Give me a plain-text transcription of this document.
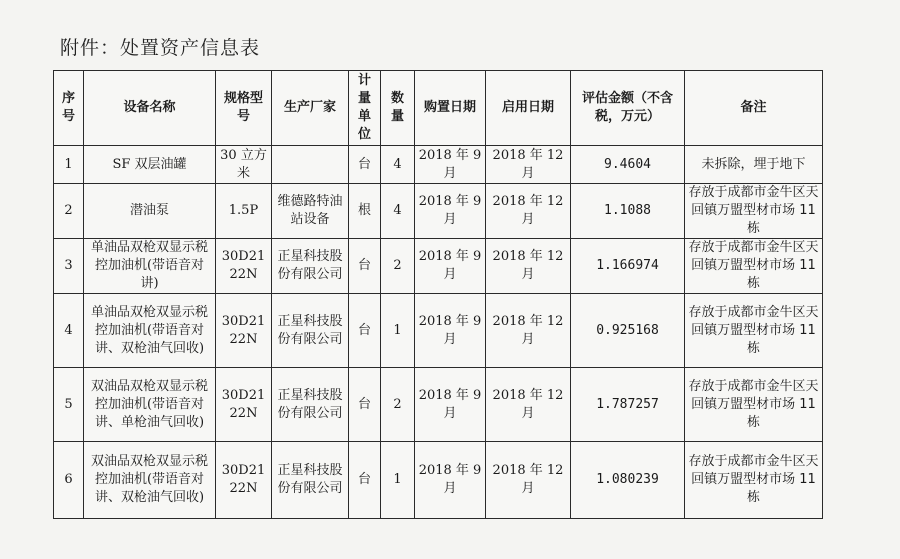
附件：处置资产信息表
序号	设备名称	规格型号	生产厂家	计量单位	数量	购置日期	启用日期	评估金额（不含税，万元）	备注
1	SF 双层油罐	30 立方米		台	4	2018 年 9 月	2018 年 12 月	9.4604	未拆除，埋于地下
2	潜油泵	1.5P	维德路特油站设备	根	4	2018 年 9 月	2018 年 12 月	1.1088	存放于成都市金牛区天回镇万盟型材市场 11 栋
3	单油品双枪双显示税控加油机(带语音对讲)	30D2122N	正星科技股份有限公司	台	2	2018 年 9 月	2018 年 12 月	1.166974	存放于成都市金牛区天回镇万盟型材市场 11 栋
4	单油品双枪双显示税控加油机(带语音对讲、双枪油气回收)	30D2122N	正星科技股份有限公司	台	1	2018 年 9 月	2018 年 12 月	0.925168	存放于成都市金牛区天回镇万盟型材市场 11 栋
5	双油品双枪双显示税控加油机(带语音对讲、单枪油气回收)	30D2122N	正星科技股份有限公司	台	2	2018 年 9 月	2018 年 12 月	1.787257	存放于成都市金牛区天回镇万盟型材市场 11 栋
6	双油品双枪双显示税控加油机(带语音对讲、双枪油气回收)	30D2122N	正星科技股份有限公司	台	1	2018 年 9 月	2018 年 12 月	1.080239	存放于成都市金牛区天回镇万盟型材市场 11 栋
